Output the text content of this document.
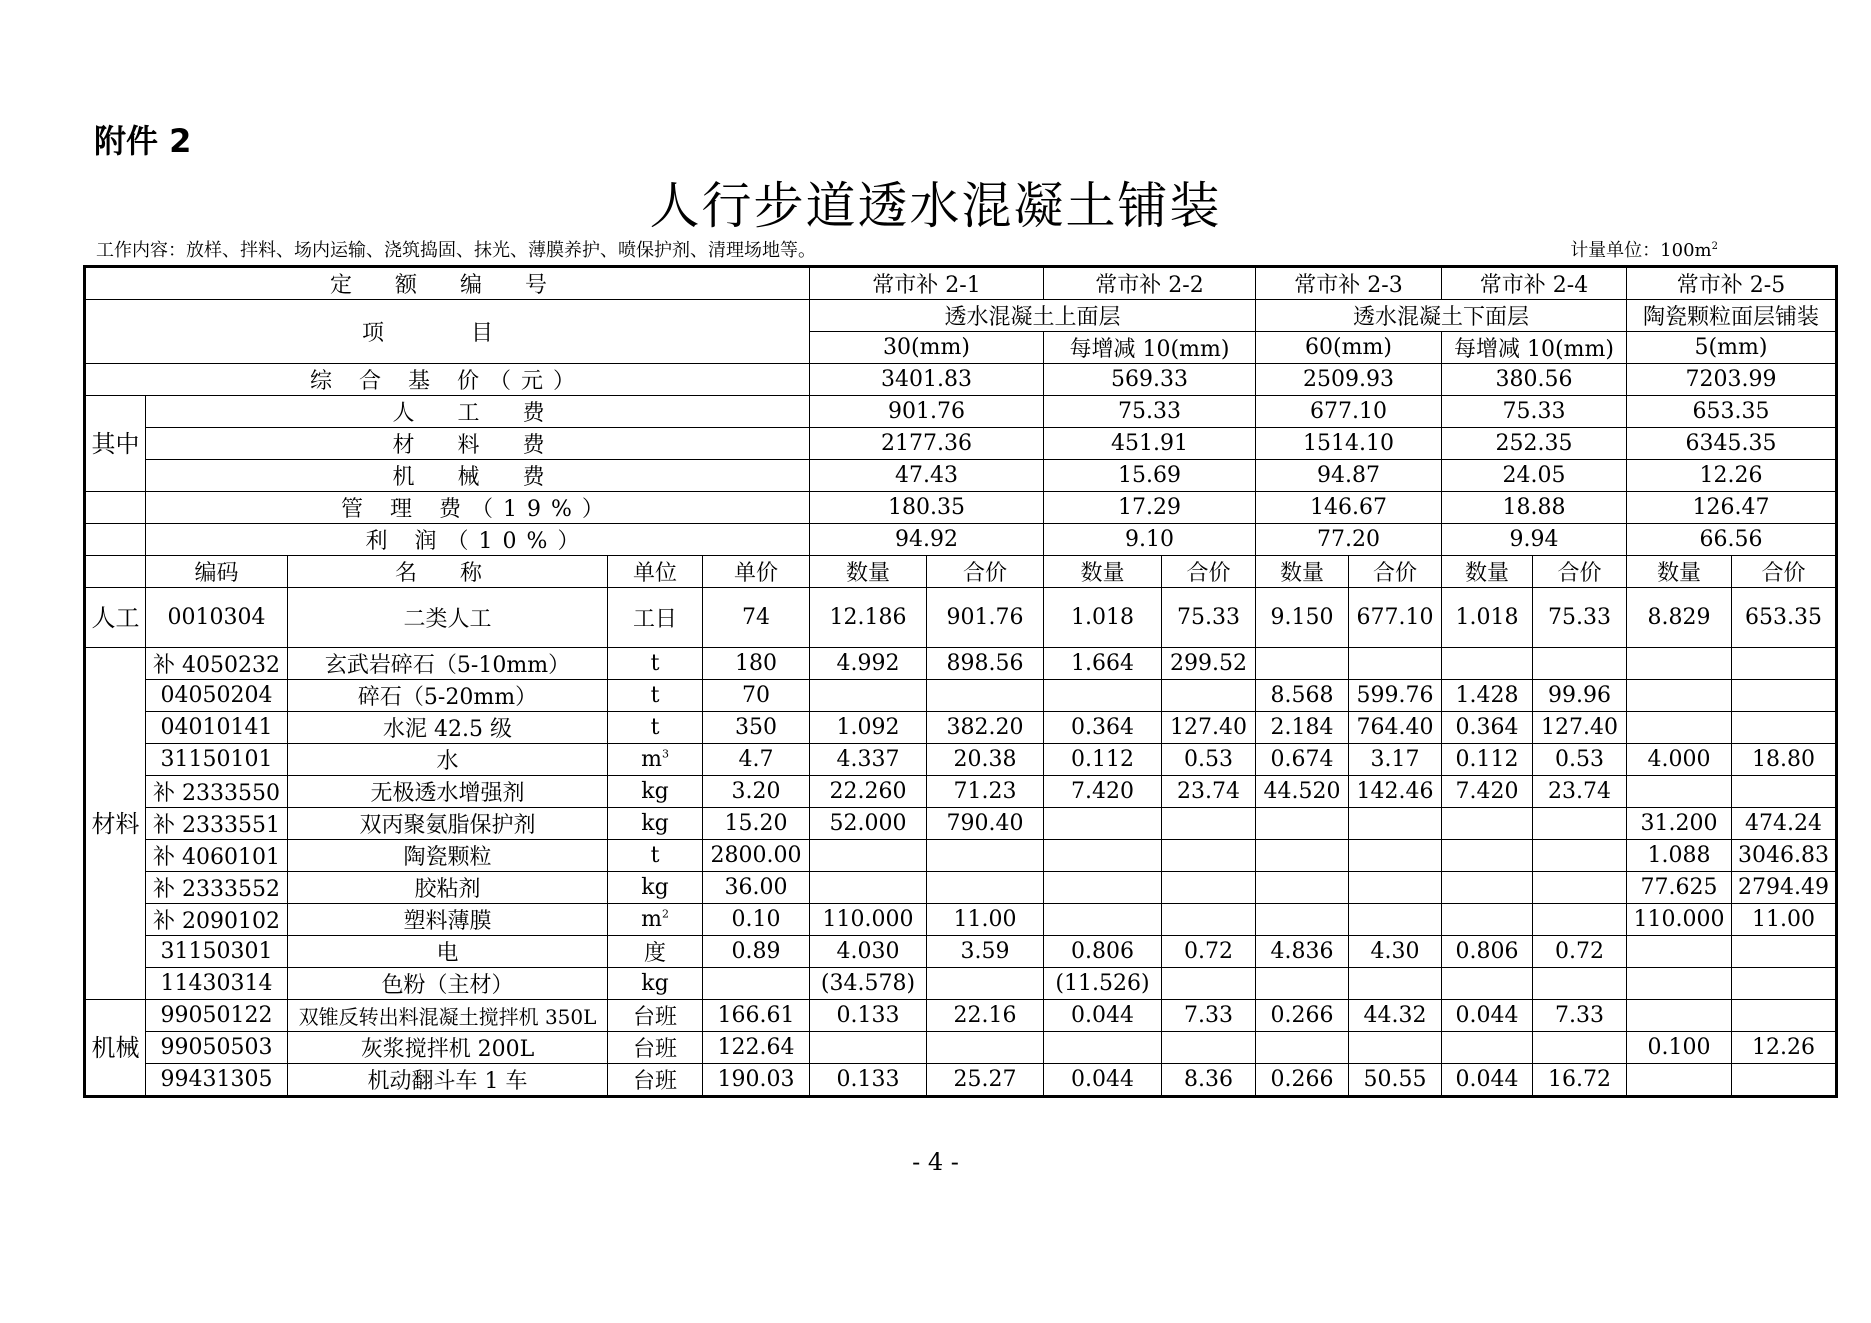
附件 2
人行步道透水混凝土铺装
工作内容：放样、拌料、场内运输、浇筑捣固、抹光、薄膜养护、喷保护剂、清理场地等。	计量单位：$100m^2$
定 额 编 号					常市补 2-1		常市补 2-2		常市补 2-3		常市补 2-4		常市补 2-5	
项 目					透水混凝土上面层				透水混凝土下面层				陶瓷颗粒面层铺装	
					30(mm)		每增减 10(mm)		60(mm)		每增减 10(mm)		5(mm)	
综 合 基 价（元）					3401.83		569.33		2509.93		380.56		7203.99	
其中	人 工 费				901.76		75.33		677.10		75.33		653.35	
	材 料 费				2177.36		451.91		1514.10		252.35		6345.35	
	机 械 费				47.43		15.69		94.87		24.05		12.26	
	管 理 费（19%）				180.35		17.29		146.67		18.88		126.47	
	利 润（10%）				94.92		9.10		77.20		9.94		66.56	
	编码	名 称	单位	单价	数量	合价	数量	合价	数量	合价	数量	合价	数量	合价
人工	0010304	二类人工	工日	74	12.186	901.76	1.018	75.33	9.150	677.10	1.018	75.33	8.829	653.35
材料	补 4050232	玄武岩碎石（5-10mm）	t	180	4.992	898.56	1.664	299.52						
	04050204	碎石（5-20mm）	t	70					8.568	599.76	1.428	99.96		
	04010141	水泥 42.5 级	t	350	1.092	382.20	0.364	127.40	2.184	764.40	0.364	127.40		
	31150101	水	$m^3$	4.7	4.337	20.38	0.112	0.53	0.674	3.17	0.112	0.53	4.000	18.80
	补 2333550	无极透水增强剂	kg	3.20	22.260	71.23	7.420	23.74	44.520	142.46	7.420	23.74		
	补 2333551	双丙聚氨脂保护剂	kg	15.20	52.000	790.40							31.200	474.24
	补 4060101	陶瓷颗粒	t	2800.00									1.088	3046.83
	补 2333552	胶粘剂	kg	36.00									77.625	2794.49
	补 2090102	塑料薄膜	$m^2$	0.10	110.000	11.00							110.000	11.00
	31150301	电	度	0.89	4.030	3.59	0.806	0.72	4.836	4.30	0.806	0.72		
	11430314	色粉（主材）	kg		(34.578)		(11.526)							
机械	99050122	双锥反转出料混凝土搅拌机 350L	台班	166.61	0.133	22.16	0.044	7.33	0.266	44.32	0.044	7.33		
	99050503	灰浆搅拌机 200L	台班	122.64									0.100	12.26
	99431305	机动翻斗车 1 车	台班	190.03	0.133	25.27	0.044	8.36	0.266	50.55	0.044	16.72		
- 4 -
